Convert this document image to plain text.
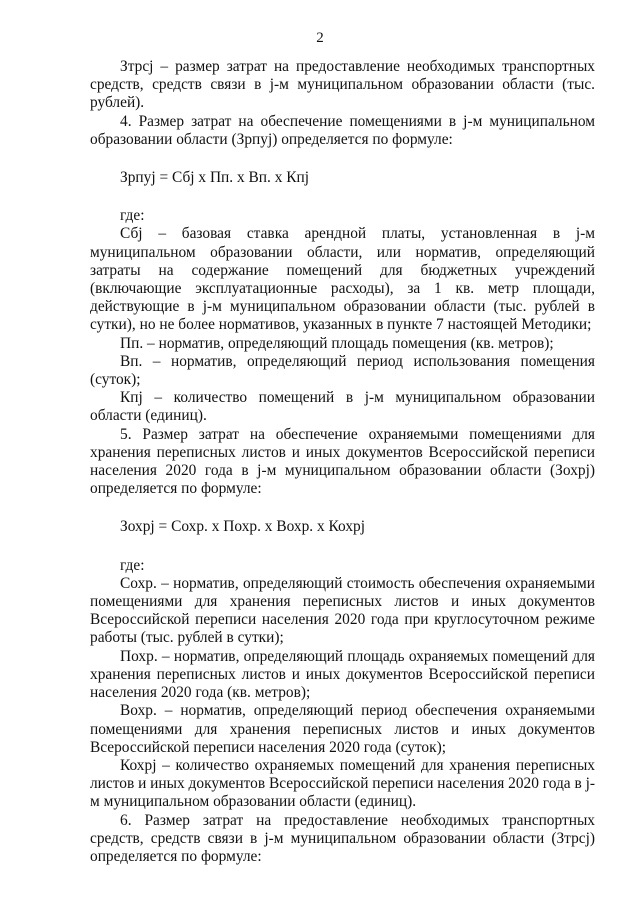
2

Зтрсj – размер затрат на предоставление необходимых транспортных средств, средств связи в j-м муниципальном образовании области (тыс. рублей).

4. Размер затрат на обеспечение помещениями в j-м муниципальном образовании области (Зрпуj) определяется по формуле:

Зрпуj = Сбj х Пп. х Вп. х Кпj

где:

Сбj – базовая ставка арендной платы, установленная в j-м муниципальном образовании области, или норматив, определяющий затраты на содержание помещений для бюджетных учреждений (включающие эксплуатационные расходы), за 1 кв. метр площади, действующие в j-м муниципальном образовании области (тыс. рублей в сутки), но не более нормативов, указанных в пункте 7 настоящей Методики;

Пп. – норматив, определяющий площадь помещения (кв. метров);

Вп. – норматив, определяющий период использования помещения (суток);

Кпj – количество помещений в j-м муниципальном образовании области (единиц).

5. Размер затрат на обеспечение охраняемыми помещениями для хранения переписных листов и иных документов Всероссийской переписи населения 2020 года в j-м муниципальном образовании области (Зохрj) определяется по формуле:

Зохрj = Сохр. х Похр. х Вохр. х Кохрj

где:

Сохр. – норматив, определяющий стоимость обеспечения охраняемыми помещениями для хранения переписных листов и иных документов Всероссийской переписи населения 2020 года при круглосуточном режиме работы (тыс. рублей в сутки);

Похр. – норматив, определяющий площадь охраняемых помещений для хранения переписных листов и иных документов Всероссийской переписи населения 2020 года (кв. метров);

Вохр. – норматив, определяющий период обеспечения охраняемыми помещениями для хранения переписных листов и иных документов Всероссийской переписи населения 2020 года (суток);

Кохрj – количество охраняемых помещений для хранения переписных листов и иных документов Всероссийской переписи населения 2020 года в j-м муниципальном образовании области (единиц).

6. Размер затрат на предоставление необходимых транспортных средств, средств связи в j-м муниципальном образовании области (Зтрсj) определяется по формуле:
